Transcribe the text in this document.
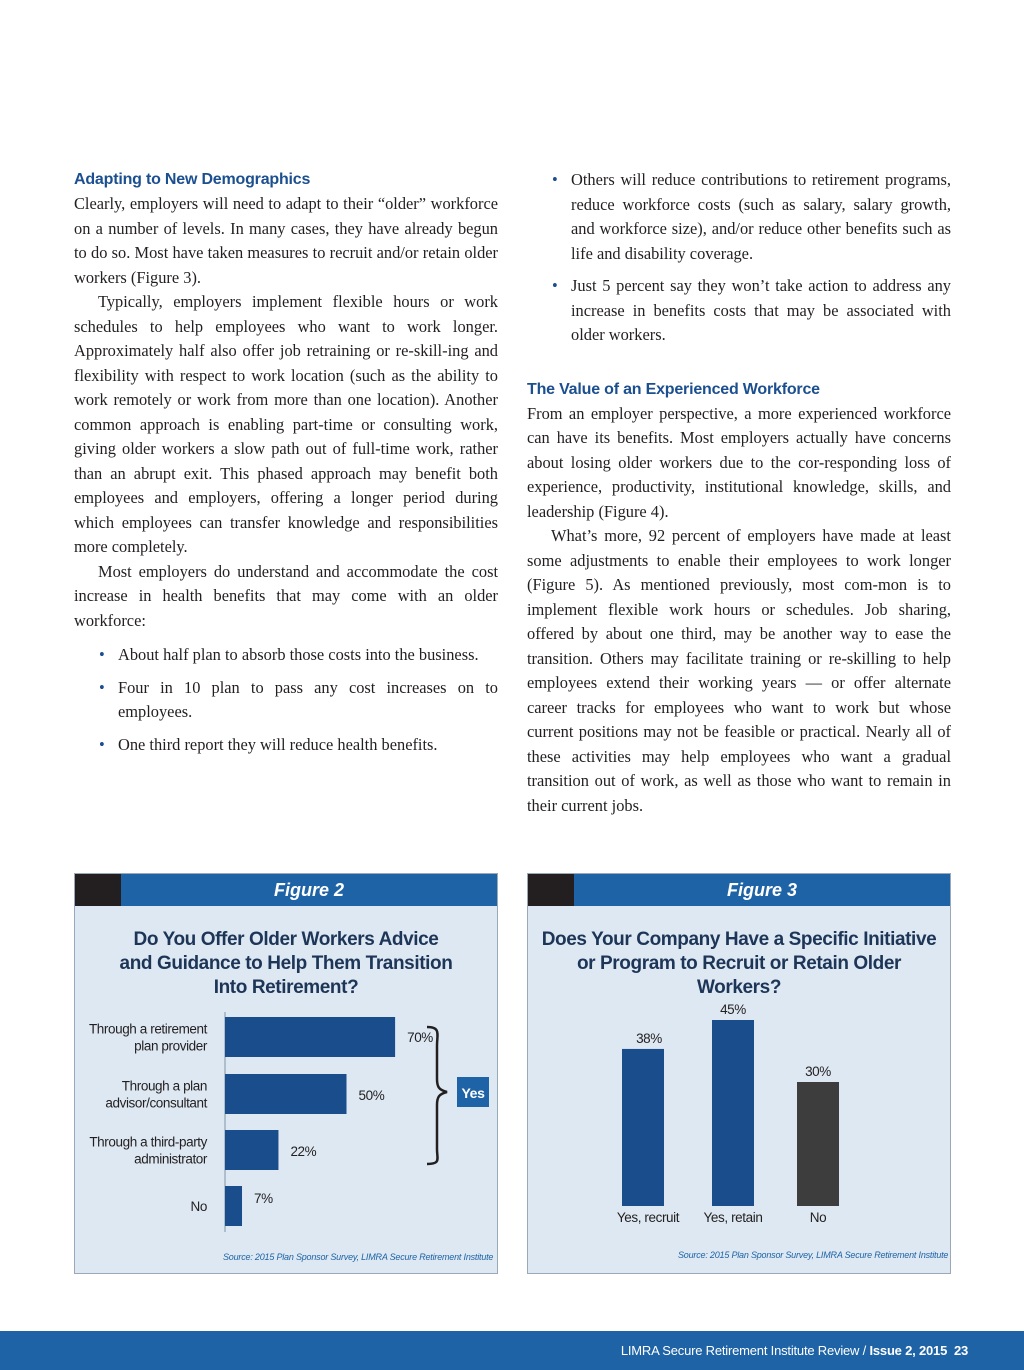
Adapting to New Demographics

Clearly, employers will need to adapt to their “older” workforce on a number of levels. In many cases, they have already begun to do so. Most have taken measures to recruit and/or retain older workers (Figure 3).

Typically, employers implement flexible hours or work schedules to help employees who want to work longer. Approximately half also offer job retraining or re-skill-ing and flexibility with respect to work location (such as the ability to work remotely or work from more than one location). Another common approach is enabling part-time or consulting work, giving older workers a slow path out of full-time work, rather than an abrupt exit. This phased approach may benefit both employees and employers, offering a longer period during which employees can transfer knowledge and responsibilities more completely.

Most employers do understand and accommodate the cost increase in health benefits that may come with an older workforce:

• About half plan to absorb those costs into the business.
• Four in 10 plan to pass any cost increases on to employees.
• One third report they will reduce health benefits.
• Others will reduce contributions to retirement programs, reduce workforce costs (such as salary, salary growth, and workforce size), and/or reduce other benefits such as life and disability coverage.
• Just 5 percent say they won’t take action to address any increase in benefits costs that may be associated with older workers.
The Value of an Experienced Workforce

From an employer perspective, a more experienced workforce can have its benefits. Most employers actually have concerns about losing older workers due to the cor-responding loss of experience, productivity, institutional knowledge, skills, and leadership (Figure 4).

What’s more, 92 percent of employers have made at least some adjustments to enable their employees to work longer (Figure 5). As mentioned previously, most com-mon is to implement flexible work hours or schedules. Job sharing, offered by about one third, may be another way to ease the transition. Others may facilitate training or re-skilling to help employees extend their working years — or offer alternate career tracks for employees who want to work but whose current positions may not be feasible or practical. Nearly all of these activities may help employees who want a gradual transition out of work, as well as those who want to remain in their current jobs.

Figure 2
Do You Offer Older Workers Advice and Guidance to Help Them Transition Into Retirement?
Through a retirement
plan provider
70%
Through a plan
advisor/consultant	50%
Through a third-party
administrator	22%
No
7%
Yes
Source: 2015 Plan Sponsor Survey, LIMRA Secure Retirement Institute
Figure 3
Does Your Company Have a Specific Initiative or Program to Recruit or Retain Older Workers?
38%
Yes, recruit
45%
Yes, retain
30%
No
Source: 2015 Plan Sponsor Survey, LIMRA Secure Retirement Institute
LIMRA Secure Retirement Institute Review / Issue 2, 2015 23
